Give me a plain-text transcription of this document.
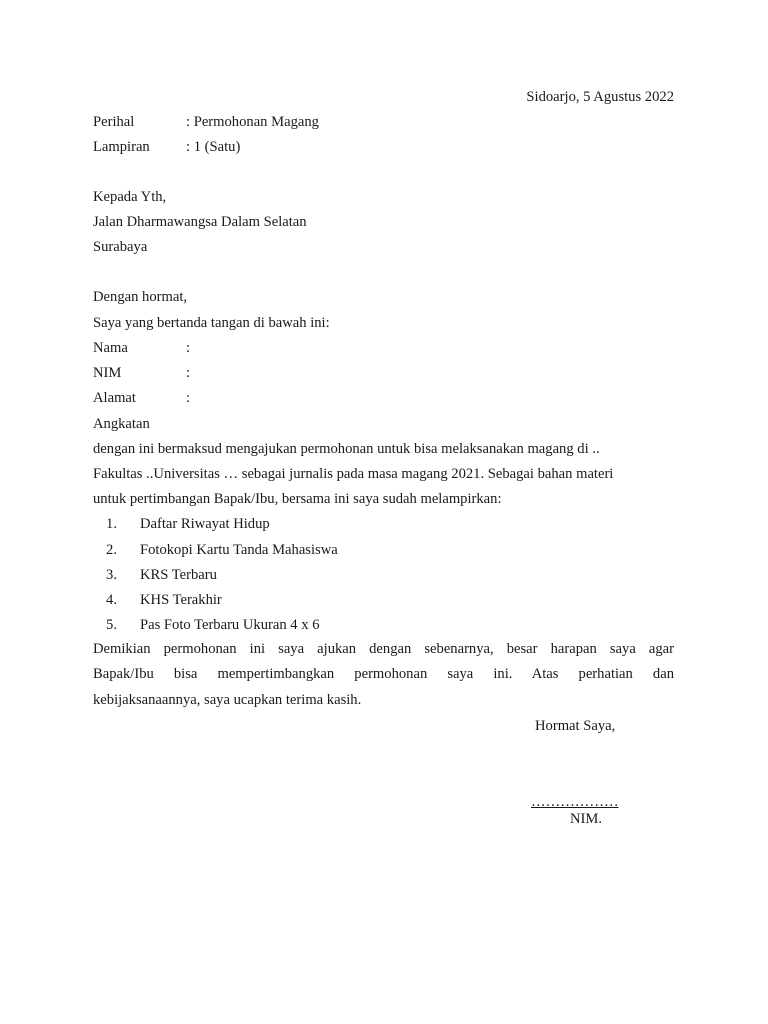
Sidoarjo, 5 Agustus 2022
Perihal	: Permohonan Magang
Lampiran : 1 (Satu)
Kepada Yth,
Jalan Dharmawangsa Dalam Selatan
Surabaya
Dengan hormat,
Saya yang bertanda tangan di bawah ini:
Nama	:
NIM	:
Alamat	:
Angkatan
dengan ini bermaksud mengajukan permohonan untuk bisa melaksanakan magang di ..
Fakultas ..Universitas … sebagai jurnalis pada masa magang 2021. Sebagai bahan materi
untuk pertimbangan Bapak/Ibu, bersama ini saya sudah melampirkan:
1. Daftar Riwayat Hidup
2. Fotokopi Kartu Tanda Mahasiswa
3. KRS Terbaru
4. KHS Terakhir
5. Pas Foto Terbaru Ukuran 4 x 6
Demikian permohonan ini saya ajukan dengan sebenarnya, besar harapan saya agar
Bapak/Ibu bisa mempertimbangkan permohonan saya ini. Atas perhatian dan
kebijaksanaannya, saya ucapkan terima kasih.
Hormat Saya,
………………
NIM.
